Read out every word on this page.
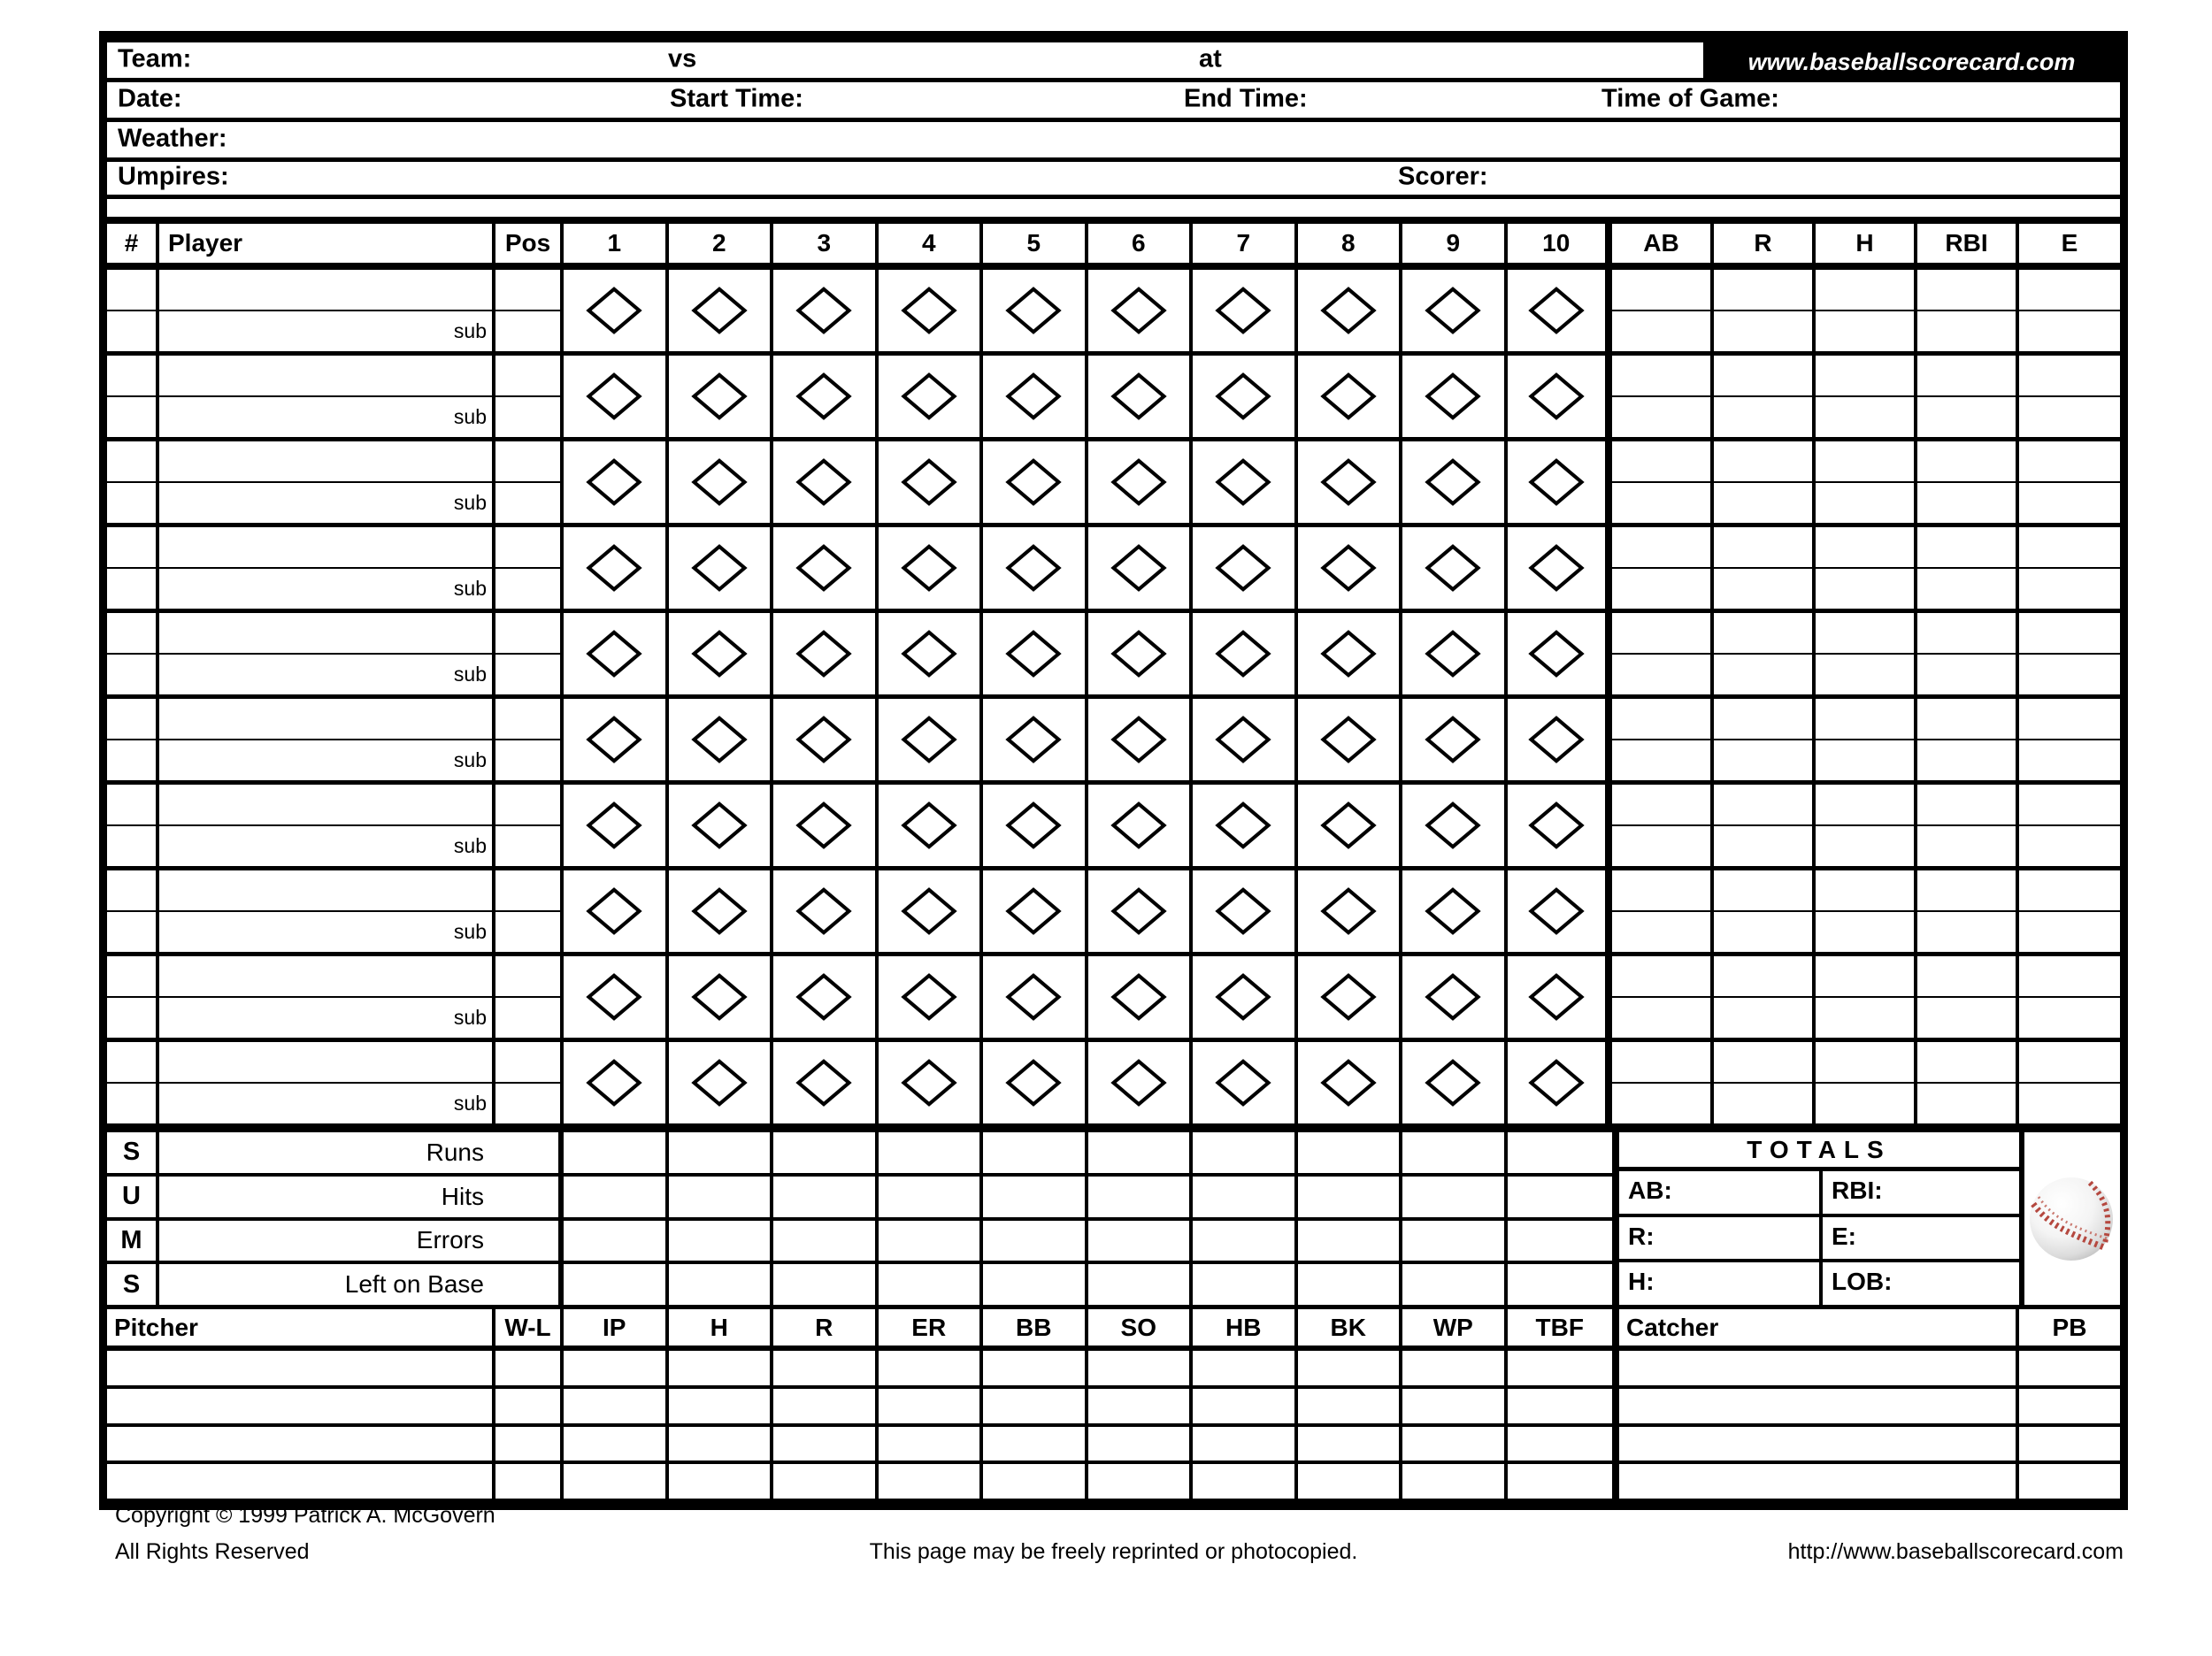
Team:	vs	at	www.baseballscorecard.com
Date:	Start Time:	End Time:	Time of Game:
Weather:
Umpires:	Scorer:
#	Player	Pos	1	2	3	4	5	6	7	8	9	10	AB	R	H	RBI	E
sub
sub
sub
sub
sub
sub
sub
sub
sub
sub
S	Runs
U	Hits
M	Errors
S	Left on Base
TOTALS
AB:	RBI:
R:	E:
H:	LOB:
Pitcher	W-L	IP	H	R	ER	BB	SO	HB	BK	WP	TBF	Catcher	PB
Copyright © 1999 Patrick A. McGovern
All Rights Reserved	This page may be freely reprinted or photocopied.	http://www.baseballscorecard.com
